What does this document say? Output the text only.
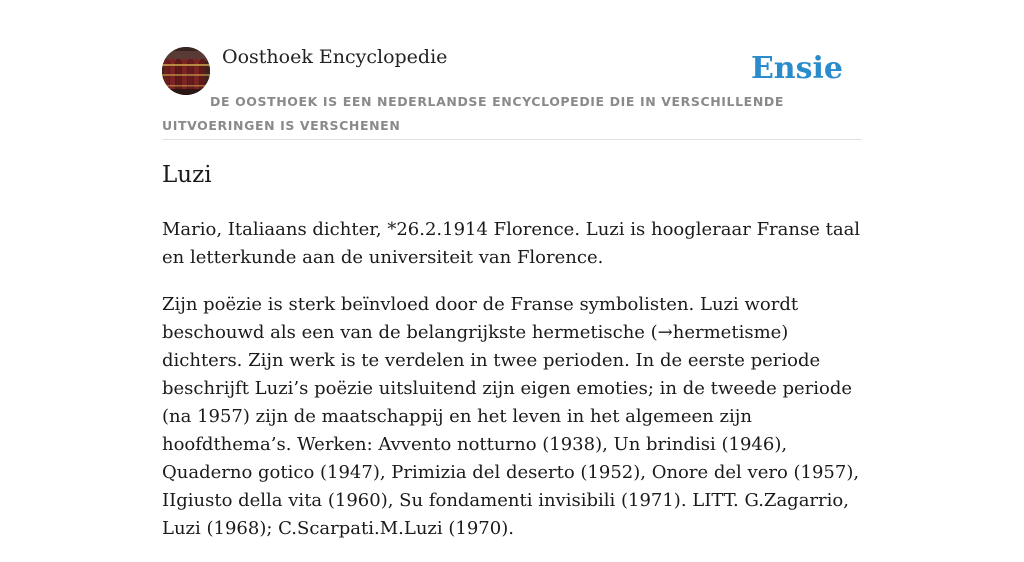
Oosthoek Encyclopedie	Ensie
DE OOSTHOEK IS EEN NEDERLANDSE ENCYCLOPEDIE DIE IN VERSCHILLENDE UITVOERINGEN IS VERSCHENEN
Luzi

Mario, Italiaans dichter, *26.2.1914 Florence. Luzi is hoogleraar Franse taal en letterkunde aan de universiteit van Florence.

Zijn poëzie is sterk beïnvloed door de Franse symbolisten. Luzi wordt beschouwd als een van de belangrijkste hermetische (→hermetisme) dichters. Zijn werk is te verdelen in twee perioden. In de eerste periode beschrijft Luzi’s poëzie uitsluitend zijn eigen emoties; in de tweede periode (na 1957) zijn de maatschappij en het leven in het algemeen zijn hoofdthema’s. Werken: Avvento notturno (1938), Un brindisi (1946), Quaderno gotico (1947), Primizia del deserto (1952), Onore del vero (1957), IIgiusto della vita (1960), Su fondamenti invisibili (1971). LITT. G.Zagarrio, Luzi (1968); C.Scarpati.M.Luzi (1970).
